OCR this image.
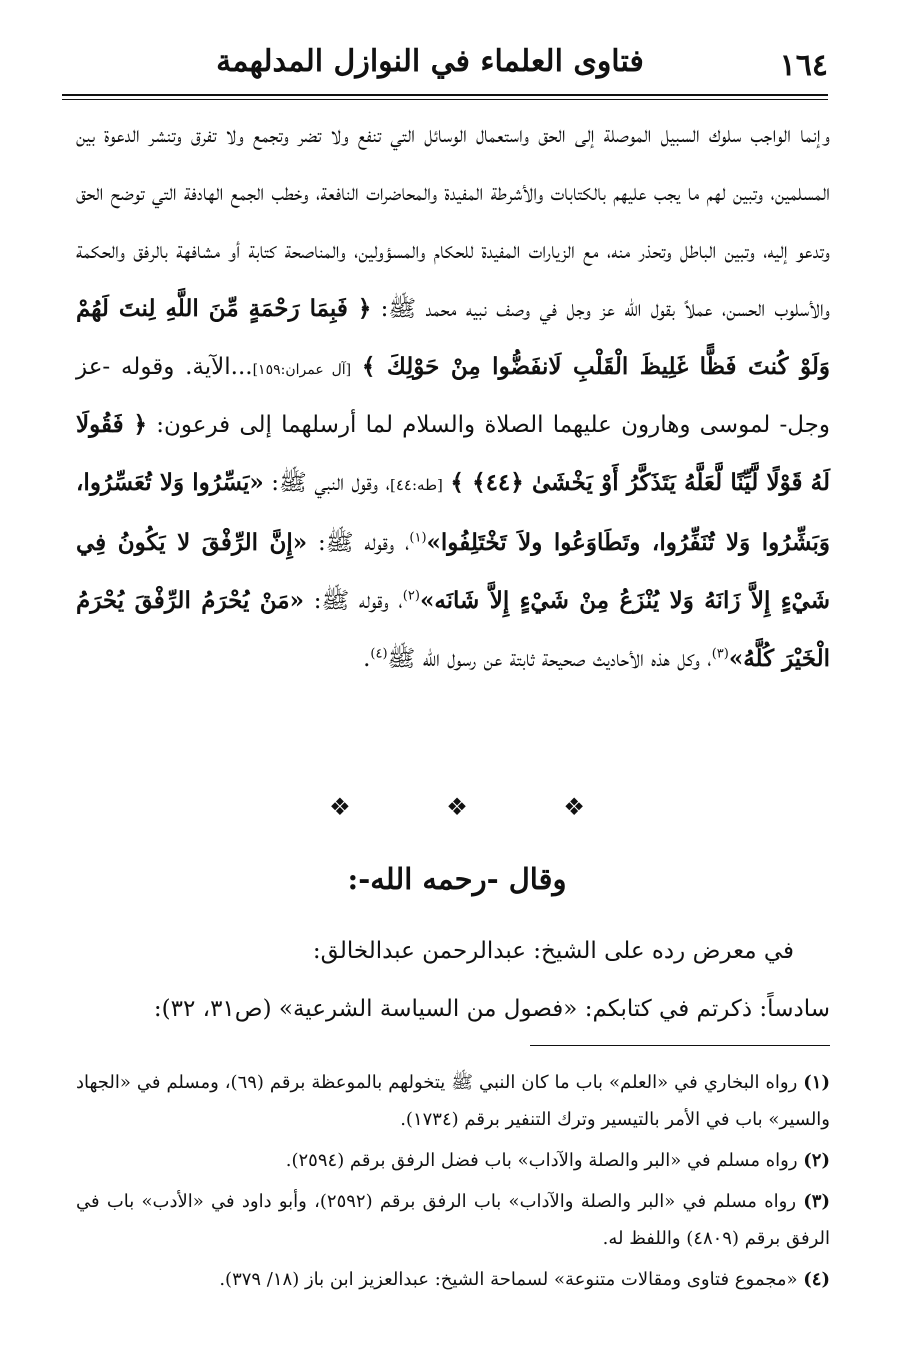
١٦٤
فتاوى العلماء في النوازل المدلهمة

وإنما الواجب سلوك السبيل الموصلة إلى الحق واستعمال الوسائل التي تنفع ولا تضر وتجمع ولا تفرق وتنشر الدعوة بين المسلمين، وتبين لهم ما يجب عليهم بالكتابات والأشرطة المفيدة والمحاضرات النافعة، وخطب الجمع الهادفة التي توضح الحق وتدعو إليه، وتبين الباطل وتحذر منه، مع الزيارات المفيدة للحكام والمسؤولين، والمناصحة كتابة أو مشافهة بالرفق والحكمة والأسلوب الحسن، عملاً بقول الله عز وجل في وصف نبيه محمد ﷺ: ﴿ فَبِمَا رَحْمَةٍ مِّنَ اللَّهِ لِنتَ لَهُمْ وَلَوْ كُنتَ فَظًّا غَلِيظَ الْقَلْبِ لَانفَضُّوا مِنْ حَوْلِكَ ﴾ [آل عمران:١٥٩]...الآية. وقوله -عز وجل- لموسى وهارون عليهما الصلاة والسلام لما أرسلهما إلى فرعون: ﴿ فَقُولَا لَهُ قَوْلًا لَّيِّنًا لَّعَلَّهُ يَتَذَكَّرُ أَوْ يَخْشَىٰ ﴿٤٤﴾ ﴾ [طه:٤٤]، وقول النبي ﷺ: «يَسِّرُوا وَلا تُعَسِّرُوا، وَبَشِّرُوا وَلا تُنَفِّرُوا، وتَطَاوَعُوا ولاَ تَخْتَلِفُوا»$^{(١)}$، وقوله ﷺ: «إِنَّ الرِّفْقَ لا يَكُونُ فِي شَيْءٍ إِلاَّ زَانَهُ وَلا يُنْزَعُ مِنْ شَيْءٍ إِلاَّ شَانَه»$^{(٢)}$، وقوله ﷺ: «مَنْ يُحْرَمُ الرِّفْقَ يُحْرَمُ الْخَيْرَ كُلَّهُ»$^{(٣)}$، وكل هذه الأحاديث صحيحة ثابتة عن رسول الله ﷺ$^{(٤)}$.

❖ ❖ ❖
وقال -رحمه الله-:

في معرض رده على الشيخ: عبدالرحمن عبدالخالق:

سادساً: ذكرتم في كتابكم: «فصول من السياسة الشرعية» (ص٣١، ٣٢):

(١) رواه البخاري في «العلم» باب ما كان النبي ﷺ يتخولهم بالموعظة برقم (٦٩)، ومسلم في «الجهاد والسير» باب في الأمر بالتيسير وترك التنفير برقم (١٧٣٤).

(٢) رواه مسلم في «البر والصلة والآداب» باب فضل الرفق برقم (٢٥٩٤).

(٣) رواه مسلم في «البر والصلة والآداب» باب الرفق برقم (٢٥٩٢)، وأبو داود في «الأدب» باب في الرفق برقم (٤٨٠٩) واللفظ له.

(٤) «مجموع فتاوى ومقالات متنوعة» لسماحة الشيخ: عبدالعزيز ابن باز (١٨/ ٣٧٩).
